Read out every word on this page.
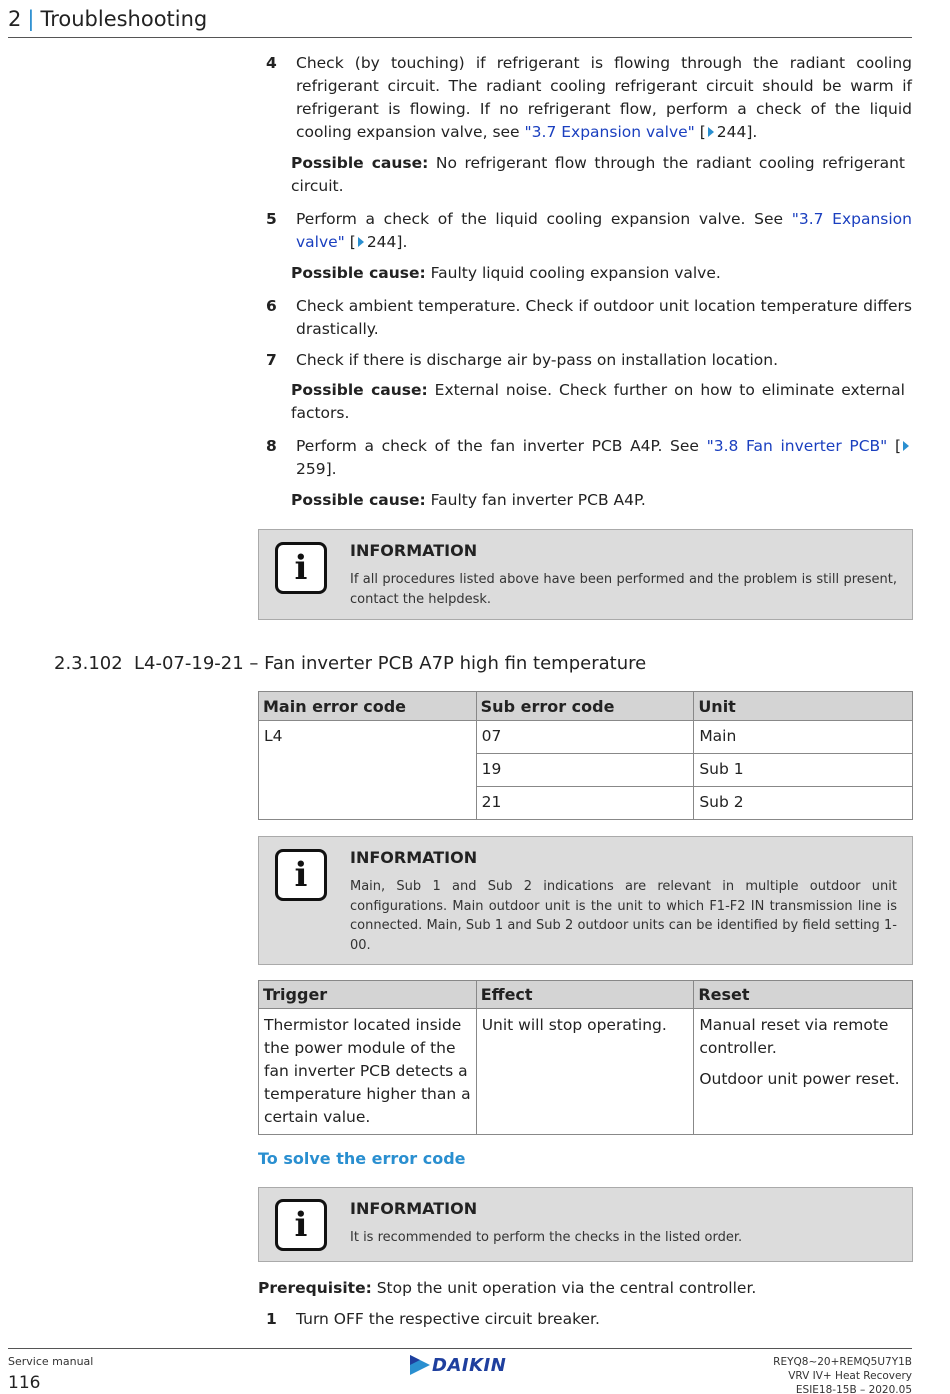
2 | Troubleshooting
4 Check (by touching) if refrigerant is flowing through the radiant cooling refrigerant circuit. The radiant cooling refrigerant circuit should be warm if refrigerant is flowing. If no refrigerant flow, perform a check of the liquid cooling expansion valve, see "3.7 Expansion valve" [ 244].
Possible cause: No refrigerant flow through the radiant cooling refrigerant circuit.
5 Perform a check of the liquid cooling expansion valve. See "3.7 Expansion valve" [ 244].
Possible cause: Faulty liquid cooling expansion valve.
6 Check ambient temperature. Check if outdoor unit location temperature differs drastically.
7 Check if there is discharge air by-pass on installation location.
Possible cause: External noise. Check further on how to eliminate external factors.
8 Perform a check of the fan inverter PCB A4P. See "3.8 Fan inverter PCB" [259].
Possible cause: Faulty fan inverter PCB A4P.
i	INFORMATION
If all procedures listed above have been performed and the problem is still present, contact the helpdesk.
2.3.102 L4-07-19-21 – Fan inverter PCB A7P high fin temperature
Main error code	Sub error code	Unit
L4	07	Main
	19	Sub 1
	21	Sub 2
i	INFORMATION
Main, Sub 1 and Sub 2 indications are relevant in multiple outdoor unit configurations. Main outdoor unit is the unit to which F1-F2 IN transmission line is connected. Main, Sub 1 and Sub 2 outdoor units can be identified by field setting 1-00.
Trigger	Effect	Reset
Thermistor located inside the power module of the fan inverter PCB detects a temperature higher than a certain value.	Unit will stop operating.	Manual reset via remote controller.
Outdoor unit power reset.
To solve the error code
i	INFORMATION
It is recommended to perform the checks in the listed order.
Prerequisite: Stop the unit operation via the central controller.
1 Turn OFF the respective circuit breaker.
Service manual
116
DAIKIN	REYQ8~20+REMQ5U7Y1B
VRV IV+ Heat Recovery
ESIE18-15B – 2020.05
